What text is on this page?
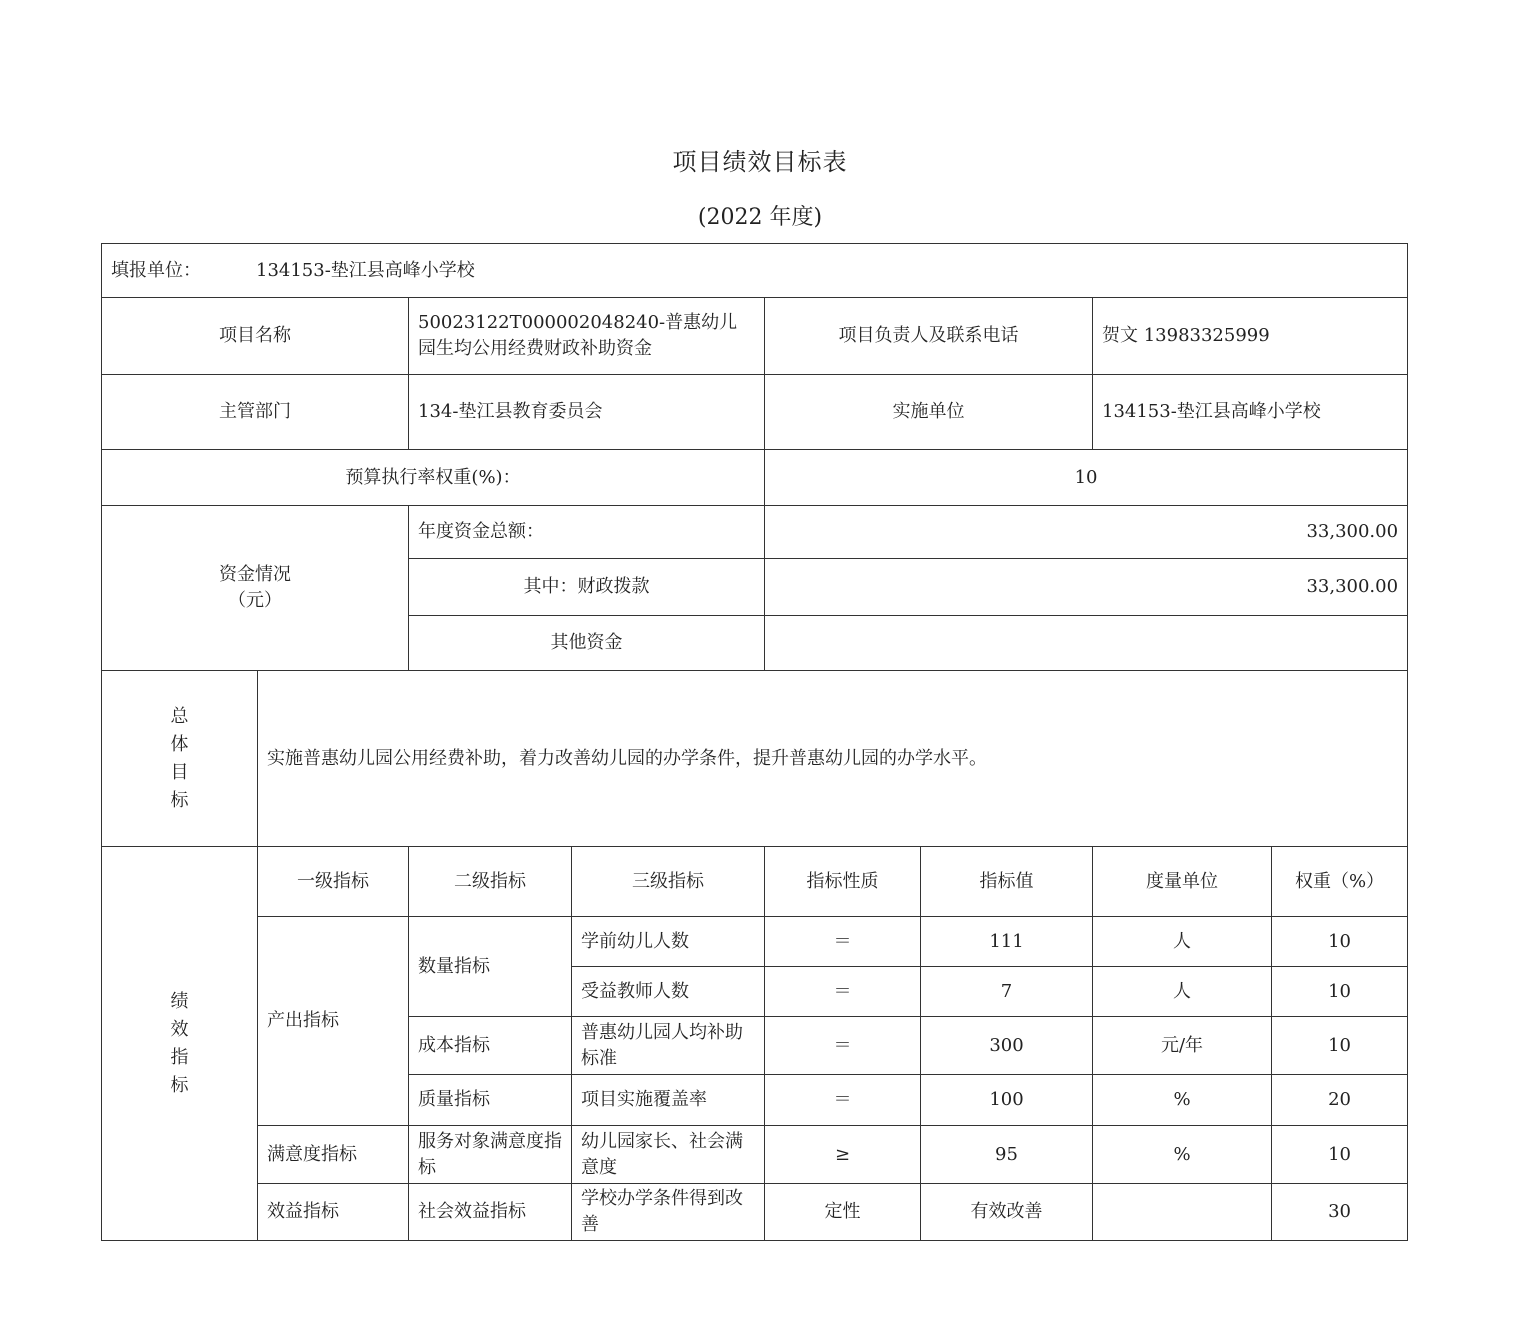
项目绩效目标表
(2022 年度)
填报单位： 134153-垫江县高峰小学校							
项目名称		50023122T000002048240-普惠幼儿园生均公用经费财政补助资金		项目负责人及联系电话		贺文 13983325999	
主管部门		134-垫江县教育委员会		实施单位		134153-垫江县高峰小学校	
预算执行率权重(%)：				10			

资金情况
（元）		年度资金总额：		33,300.00			
		其中：财政拨款		33,300.00			
		其他资金					

总
体
目
标	实施普惠幼儿园公用经费补助，着力改善幼儿园的办学条件，提升普惠幼儿园的办学水平。						

绩
效
指
标	一级指标	二级指标	三级指标	指标性质	指标值	度量单位	权重（%）
	产出指标	数量指标	学前幼儿人数	＝	111	人	10
			受益教师人数	＝	7	人	10
		成本指标	普惠幼儿园人均补助标准	＝	300	元/年	10
		质量指标	项目实施覆盖率	＝	100	%	20
	满意度指标	服务对象满意度指标	幼儿园家长、社会满意度	≥	95	%	10
	效益指标	社会效益指标	学校办学条件得到改善	定性	有效改善		30
